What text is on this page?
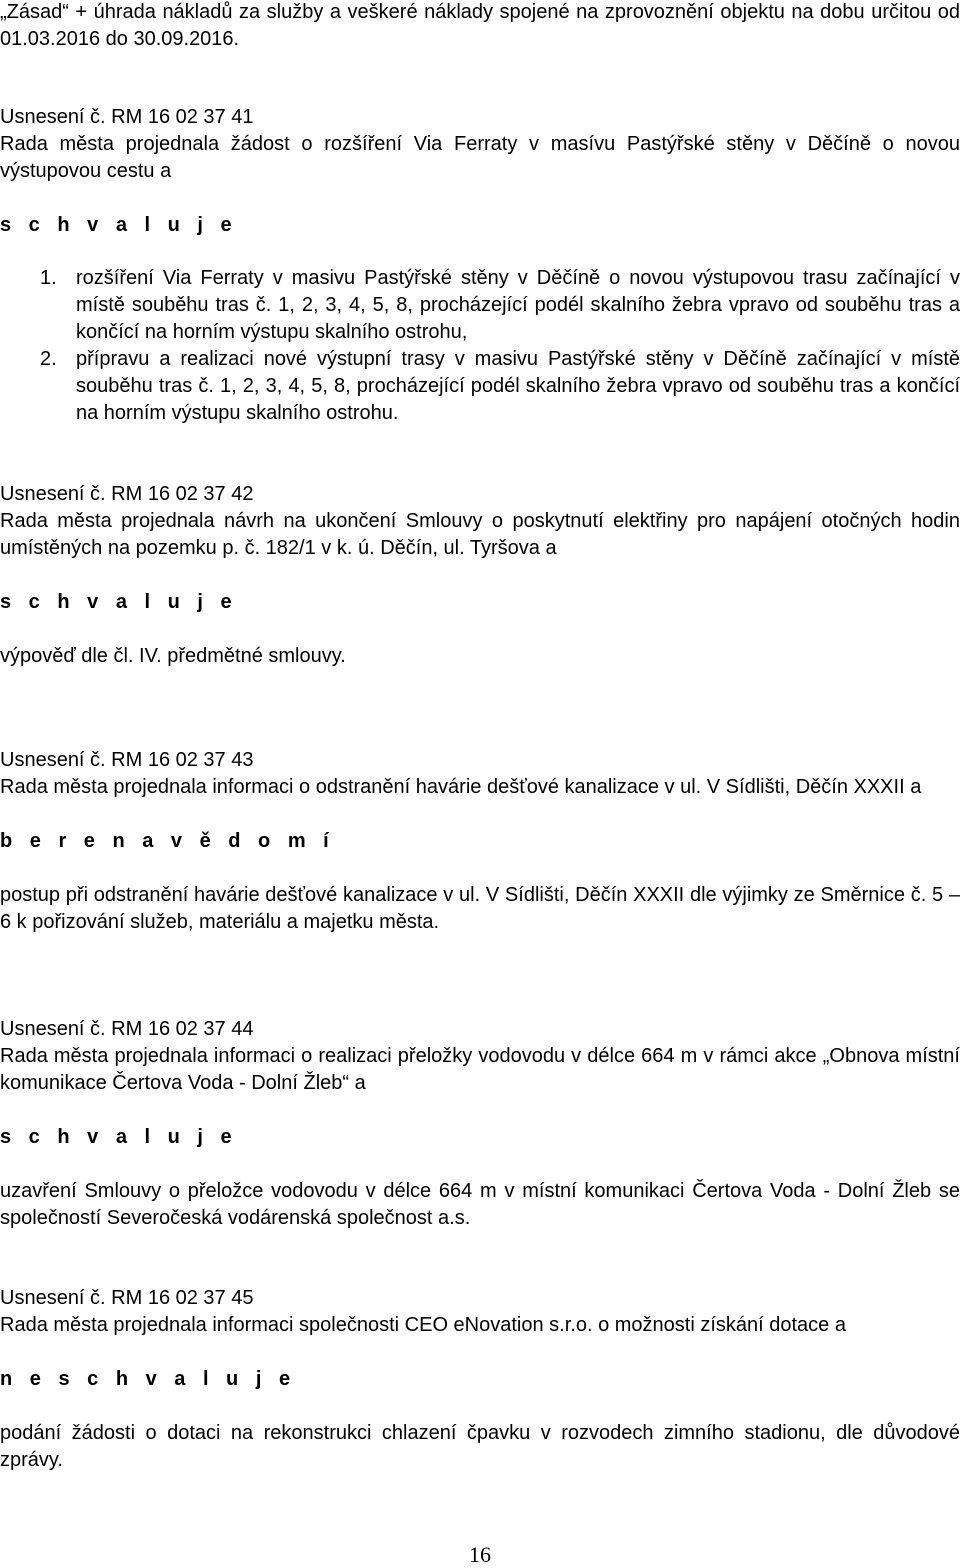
„Zásad“ + úhrada nákladů za služby a veškeré náklady spojené na zprovoznění objektu na dobu určitou od 01.03.2016 do 30.09.2016.

Usnesení č. RM 16 02 37 41

Rada města projednala žádost o rozšíření Via Ferraty v masívu Pastýřské stěny v Děčíně o novou výstupovou cestu a

s c h v a l u j e

1. rozšíření Via Ferraty v masivu Pastýřské stěny v Děčíně o novou výstupovou trasu začínající v místě souběhu tras č. 1, 2, 3, 4, 5, 8, procházející podél skalního žebra vpravo od souběhu tras a končící na horním výstupu skalního ostrohu,
2. přípravu a realizaci nové výstupní trasy v masivu Pastýřské stěny v Děčíně začínající v místě souběhu tras č. 1, 2, 3, 4, 5, 8, procházející podél skalního žebra vpravo od souběhu tras a končící na horním výstupu skalního ostrohu.

Usnesení č. RM 16 02 37 42

Rada města projednala návrh na ukončení Smlouvy o poskytnutí elektřiny pro napájení otočných hodin umístěných na pozemku p. č. 182/1 v k. ú. Děčín, ul. Tyršova a

s c h v a l u j e

výpověď dle čl. IV. předmětné smlouvy.

Usnesení č. RM 16 02 37 43

Rada města projednala informaci o odstranění havárie dešťové kanalizace v ul. V Sídlišti, Děčín XXXII a

b e r e n a v ě d o m í

postup při odstranění havárie dešťové kanalizace v ul. V Sídlišti, Děčín XXXII dle výjimky ze Směrnice č. 5 – 6 k pořizování služeb, materiálu a majetku města.

Usnesení č. RM 16 02 37 44

Rada města projednala informaci o realizaci přeložky vodovodu v délce 664 m v rámci akce „Obnova místní komunikace Čertova Voda - Dolní Žleb“ a

s c h v a l u j e

uzavření Smlouvy o přeložce vodovodu v délce 664 m v místní komunikaci Čertova Voda - Dolní Žleb se společností Severočeská vodárenská společnost a.s.

Usnesení č. RM 16 02 37 45

Rada města projednala informaci společnosti CEO eNovation s.r.o. o možnosti získání dotace a

n e s c h v a l u j e

podání žádosti o dotaci na rekonstrukci chlazení čpavku v rozvodech zimního stadionu, dle důvodové zprávy.

16
